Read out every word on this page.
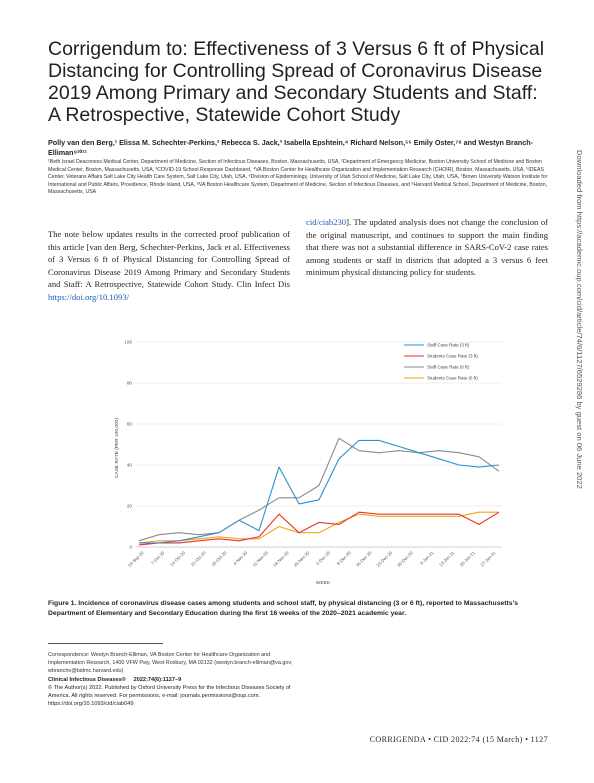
Corrigendum to: Effectiveness of 3 Versus 6 ft of Physical Distancing for Controlling Spread of Coronavirus Disease 2019 Among Primary and Secondary Students and Staff: A Retrospective, Statewide Cohort Study
Polly van den Berg,¹ Elissa M. Schechter-Perkins,² Rebecca S. Jack,³ Isabella Epshtein,⁴ Richard Nelson,⁵⁶ Emily Oster,⁷⁸ and Westyn Branch-Elliman⁹¹⁰¹¹
¹Beth Israel Deaconess Medical Center, Department of Medicine, Section of Infectious Diseases, Boston, Massachusetts, USA, ²Department of Emergency Medicine, Boston University School of Medicine and Boston Medical Center, Boston, Massachusetts, USA, ³COVID-19 School Response Dashboard, ⁴VA Boston Center for Healthcare Organization and Implementation Research (CHOIR), Boston, Massachusetts, USA, ⁵IDEAS Center, Veterans Affairs Salt Lake City Health Care System, Salt Lake City, Utah, USA, ⁶Division of Epidemiology, University of Utah School of Medicine, Salt Lake City, Utah, USA, ⁷Brown University Watson Institute for International and Public Affairs, Providence, Rhode Island, USA, ⁸VA Boston Healthcare System, Department of Medicine, Section of Infectious Diseases, and ⁹Harvard Medical School, Department of Medicine, Boston, Massachusetts, USA
The note below updates results in the corrected proof publication of this article [van den Berg, Schechter-Perkins, Jack et al. Effectiveness of 3 Versus 6 ft of Physical Distancing for Controlling Spread of Coronavirus Disease 2019 Among Primary and Secondary Students and Staff: A Retrospective, Statewide Cohort Study. Clin Infect Dis https://doi.org/10.1093/
cid/ciab230]. The updated analysis does not change the conclusion of the original manuscript, and continues to support the main finding that there was not a substantial difference in SARS-CoV-2 case rates among students or staff in districts that adopted a 3 versus 6 feet minimum physical distancing policy for students.	Downloaded from https://academic.oup.com/cid/article/74/6/1127/6529286 by guest on 06 June 2022
0
20
40
60
80
100
24-Sep-20 7-Oct-20 14-Oct-20 21-Oct-20 28-Oct-20 4-Nov-20 11-Nov-20 18-Nov-20 25-Nov-20 2-Dec-20 9-Dec-20 16-Dec-20 23-Dec-20 30-Dec-20 6-Jan-21 13-Jan-21 20-Jan-21 27-Jan-21
Staff Case Rate (3 ft)
Students Case Rate (3 ft)
Staff Case Rate (6 ft)
Students Case Rate (6 ft)
CASE RATE (PER 100,000)
WEEK
Figure 1. Incidence of coronavirus disease cases among students and school staff, by physical distancing (3 or 6 ft), reported to Massachusetts’s Department of Elementary and Secondary Education during the first 16 weeks of the 2020–2021 academic year.
Correspondence: Westyn Branch-Elliman, VA Boston Center for Healthcare Organization and Implementation Research, 1400 VFW Pwy, West Roxbury, MA 02132 (westyn.branch-elliman@va.gov; wbranche@bidmc.harvard.edu)
Clinical Infectious Diseases® 2022;74(6):1127–9
© The Author(s) 2022. Published by Oxford University Press for the Infectious Diseases Society of America. All rights reserved. For permissions, e-mail: journals.permissions@oup.com.
https://doi.org/10.1093/cid/ciab049
CORRIGENDA • CID 2022:74 (15 March) • 1127
